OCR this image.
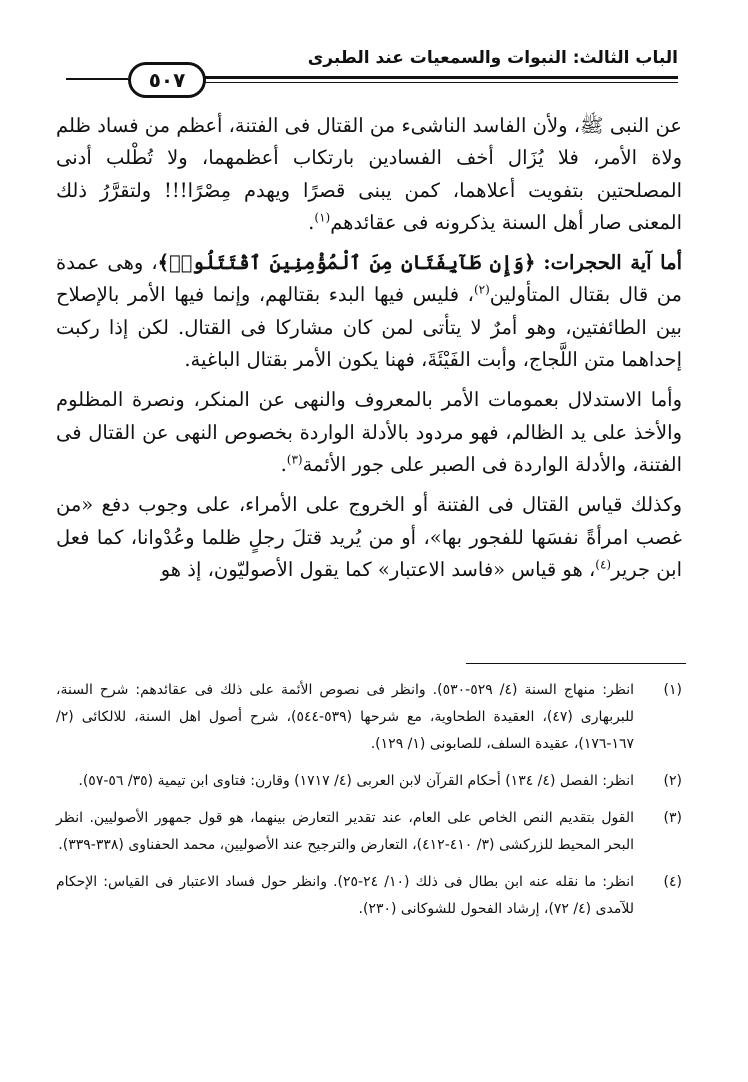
الباب الثالث: النبوات والسمعيات عند الطبرى
٥٠٧

عن النبى ﷺ، ولأن الفاسد الناشىء من القتال فى الفتنة، أعظم من فساد ظلم ولاة الأمر، فلا يُزَال أخف الفسادين بارتكاب أعظمهما، ولا تُطْلب أدنى المصلحتين بتفويت أعلاهما، كمن يبنى قصرًا ويهدم مِصْرًا!!! ولتقرَّرُ ذلك المعنى صار أهل السنة يذكرونه فى عقائدهم$^{(١)}$.

أما آية الحجرات: ﴿وَإِن طَآيِفَتَانِ مِنَ ٱلْمُؤْمِنِينَ ٱقْتَتَلُوا۟﴾، وهى عمدة من قال بقتال المتأولين$^{(٢)}$، فليس فيها البدء بقتالهم، وإنما فيها الأمر بالإصلاح بين الطائفتين، وهو أمرٌ لا يتأتى لمن كان مشاركا فى القتال. لكن إذا ركبت إحداهما متن اللَّجاج، وأبت الفَيْئَةَ، فهنا يكون الأمر بقتال الباغية.

وأما الاستدلال بعمومات الأمر بالمعروف والنهى عن المنكر، ونصرة المظلوم والأخذ على يد الظالم، فهو مردود بالأدلة الواردة بخصوص النهى عن القتال فى الفتنة، والأدلة الواردة فى الصبر على جور الأئمة$^{(٣)}$.

وكذلك قياس القتال فى الفتنة أو الخروج على الأمراء، على وجوب دفع «من غصب امرأةً نفسَها للفجور بها»، أو من يُريد قتلَ رجلٍ ظلما وعُدْوانا، كما فعل ابن جرير$^{(٤)}$، هو قياس «فاسد الاعتبار» كما يقول الأصوليّون، إذ هو

(١)
انظر: منهاج السنة (٤/ ٥٢٩-٥٣٠). وانظر فى نصوص الأئمة على ذلك فى عقائدهم: شرح السنة، للبربهارى (٤٧)، العقيدة الطحاوية، مع شرحها (٥٣٩-٥٤٤)، شرح أصول اهل السنة، للالكائى (٢/ ١٦٧-١٧٦)، عقيدة السلف، للصابونى (١/ ١٢٩).
(٢)
انظر: الفصل (٤/ ١٣٤) أحكام القرآن لابن العربى (٤/ ١٧١٧) وقارن: فتاوى ابن تيمية (٣٥/ ٥٦-٥٧).
(٣)
القول بتقديم النص الخاص على العام، عند تقدير التعارض بينهما، هو قول جمهور الأصوليين. انظر البحر المحيط للزركشى (٣/ ٤١٠-٤١٢)، التعارض والترجيح عند الأصوليين، محمد الحفناوى (٣٣٨-٣٣٩).
(٤)
انظر: ما نقله عنه ابن بطال فى ذلك (١٠/ ٢٤-٢٥). وانظر حول فساد الاعتبار فى القياس: الإحكام للآمدى (٤/ ٧٢)، إرشاد الفحول للشوكانى (٢٣٠).
